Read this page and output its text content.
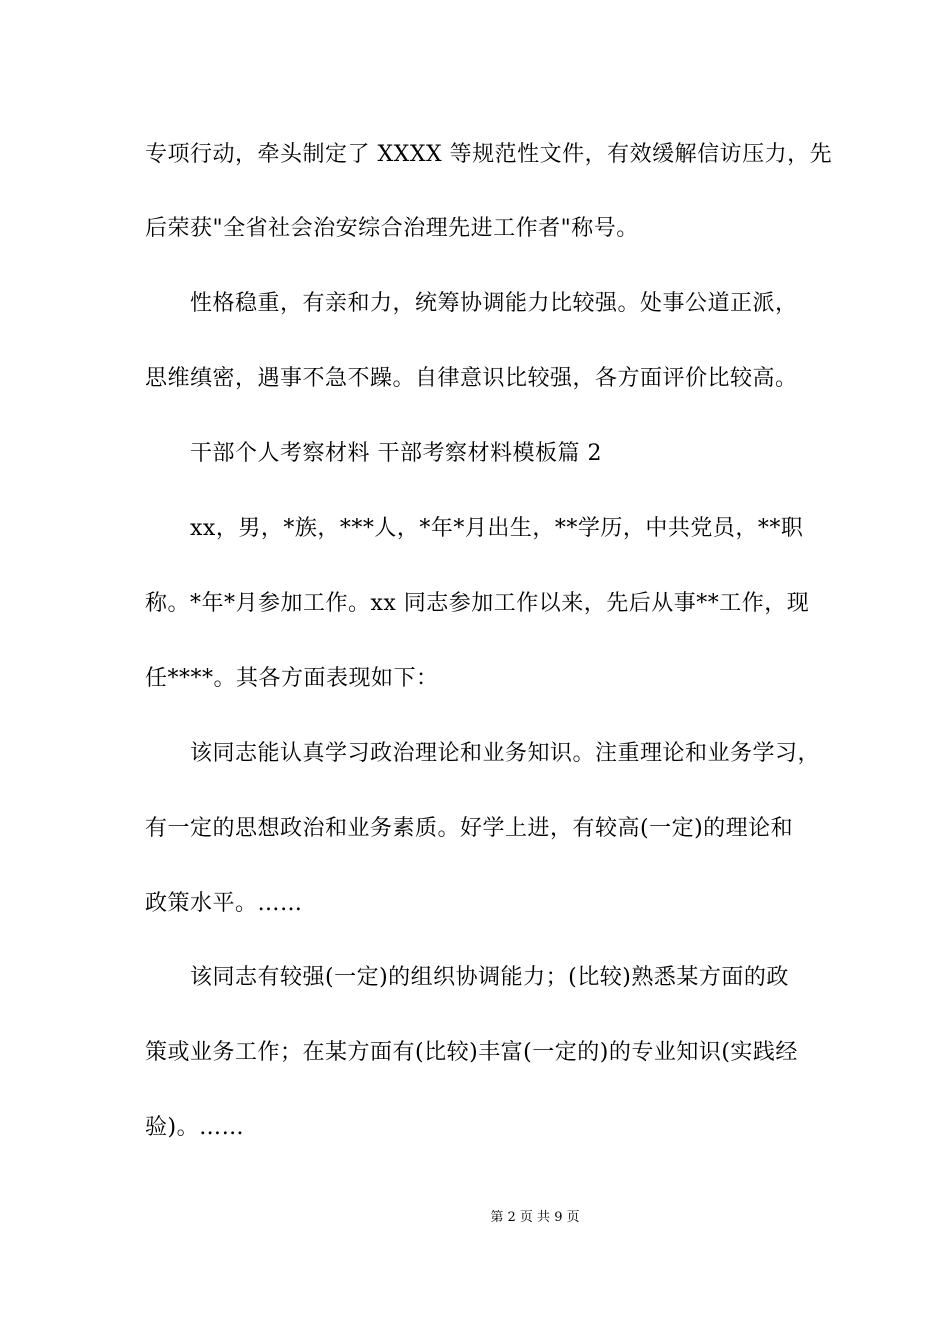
专项行动，牵头制定了 XXXX 等规范性文件，有效缓解信访压力，先
后荣获"全省社会治安综合治理先进工作者"称号。
性格稳重，有亲和力，统筹协调能力比较强。处事公道正派，
思维缜密，遇事不急不躁。自律意识比较强，各方面评价比较高。
干部个人考察材料 干部考察材料模板篇 2
xx，男，*族，***人，*年*月出生，**学历，中共党员，**职
称。*年*月参加工作。xx 同志参加工作以来，先后从事**工作，现
任****。其各方面表现如下：
该同志能认真学习政治理论和业务知识。注重理论和业务学习，
有一定的思想政治和业务素质。好学上进，有较高(一定)的理论和
政策水平。……
该同志有较强(一定)的组织协调能力；(比较)熟悉某方面的政
策或业务工作；在某方面有(比较)丰富(一定的)的专业知识(实践经
验)。……
第 2 页 共 9 页
